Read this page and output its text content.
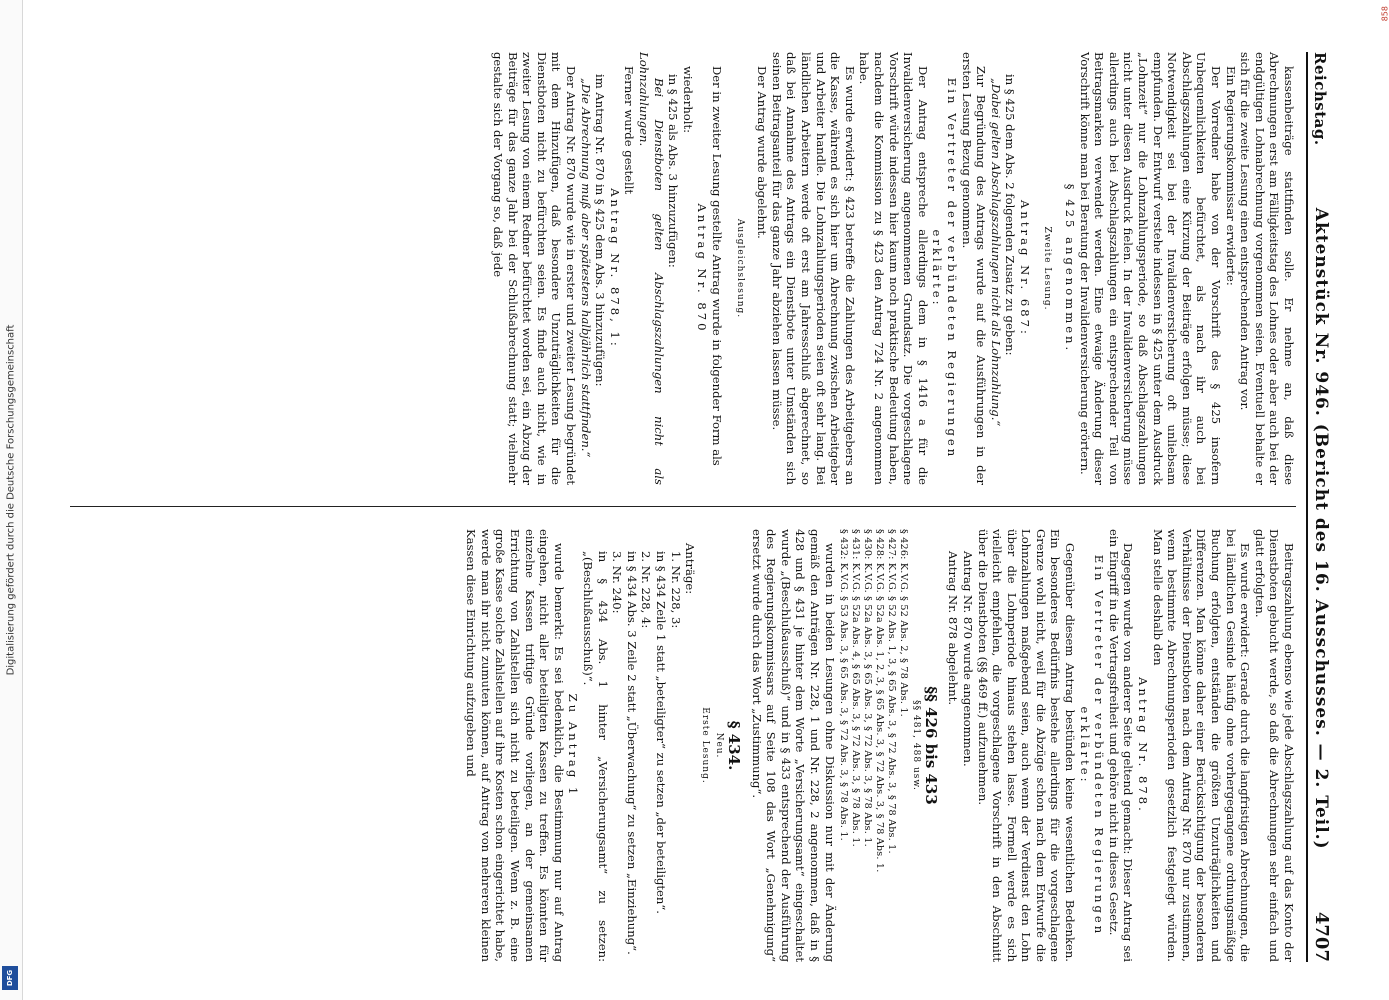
Digitalisierung gefördert durch die Deutsche Forschungsgemeinschaft
DFG
858
Reichstag.
Aktenstück Nr. 946. (Bericht des 16. Ausschusses. — 2. Teil.)
4707

kassenbeiträge stattfinden solle. Er nehme an, daß diese Abrechnungen erst am Fälligkeitstag des Lohnes oder aber auch bei der endgültigen Lohnabrechnung vorgenommen seien. Eventuell behalte er sich für die zweite Lesung einen entsprechenden Antrag vor.

Ein Regierungskommissar erwiderte:

Der Vorredner habe von der Vorschrift des § 425 insofern Unbequemlichkeiten befürchtet, als nach ihr auch bei Abschlagszahlungen eine Kürzung der Beiträge erfolgen müsse; diese Notwendigkeit sei bei der Invalidenversicherung oft unliebsam empfunden. Der Entwurf verstehe indessen in § 425 unter dem Ausdruck „Lohnzeit“ nur die Lohnzahlungsperiode, so daß Abschlagszahlungen nicht unter diesen Ausdruck fielen. In der Invalidenversicherung müsse allerdings auch bei Abschlagszahlungen ein entsprechender Teil von Beitragsmarken verwendet werden. Eine etwaige Änderung dieser Vorschrift könne man bei Beratung der Invalidenversicherung erörtern.

§ 425 angenommen.

Zweite Lesung.

Antrag Nr. 687:

in § 425 dem Abs. 2 folgenden Zusatz zu geben:

„Dabei gelten Abschlagszahlungen nicht als Lohnzahlung.“

Zur Begründung des Antrags wurde auf die Ausführungen in der ersten Lesung Bezug genommen.

Ein Vertreter der verbündeten Regierungen erklärte:

Der Antrag entspreche allerdings dem in § 1416 a für die Invalidenversicherung angenommenen Grundsatz. Die vorgeschlagene Vorschrift würde indessen hier kaum noch praktische Bedeutung haben, nachdem die Kommission zu § 423 den Antrag 724 Nr. 2 angenommen habe.

Es wurde erwidert: § 423 betreffe die Zahlungen des Arbeitgebers an die Kasse, während es sich hier um Abrechnung zwischen Arbeitgeber und Arbeiter handle. Die Lohnzahlungsperioden seien oft sehr lang. Bei ländlichen Arbeitern werde oft erst am Jahresschluß abgerechnet, so daß bei Annahme des Antrags ein Dienstbote unter Umständen sich seinen Beitragsanteil für das ganze Jahr abziehen lassen müsse.

Der Antrag wurde abgelehnt.

Ausgleichslesung.

Der in zweiter Lesung gestellte Antrag wurde in folgender Form als

Antrag Nr. 870

wiederholt:

in § 425 als Abs. 3 hinzuzufügen:

Bei Dienstboten gelten Abschlagszahlungen nicht als Lohnzahlungen.

Ferner wurde gestellt

Antrag Nr. 878, 1:

im Antrag Nr. 870 in § 425 dem Abs. 3 hinzuzufügen:

„Die Abrechnung muß aber spätestens halbjährlich stattfinden.“

Der Antrag Nr. 870 wurde wie in erster und zweiter Lesung begründet mit dem Hinzufügen, daß besondere Unzuträglichkeiten für die Dienstboten nicht zu befürchten seien. Es finde auch nicht, wie in zweiter Lesung von einem Redner befürchtet worden sei, ein Abzug der Beiträge für das ganze Jahr bei der Schlußabrechnung statt; vielmehr gestalte sich der Vorgang so, daß jede

Beitragszahlung ebenso wie jede Abschlagszahlung auf das Konto der Dienstboten gebucht werde, so daß die Abrechnungen sehr einfach und glatt erfolgten.

Es wurde erwidert: Gerade durch die langfristigen Abrechnungen, die bei ländlichen Gesinde häufig ohne vorhergegangene ordnungsmäßige Buchung erfolgten, entständen die größten Unzuträglichkeiten und Differenzen. Man könne daher einer Berücksichtigung der besonderen Verhältnisse der Dienstboten nach dem Antrag Nr. 870 nur zustimmen, wenn bestimmte Abrechnungsperioden gesetzlich festgelegt würden. Man stelle deshalb den

Antrag Nr. 878.

Dagegen wurde von anderer Seite geltend gemacht: Dieser Antrag sei ein Eingriff in die Vertragsfreiheit und gehöre nicht in dieses Gesetz.

Ein Vertreter der verbündeten Regierungen erklärte:

Gegenüber diesem Antrag bestünden keine wesentlichen Bedenken. Ein besonderes Bedürfnis bestehe allerdings für die vorgeschlagene Grenze wohl nicht, weil für die Abzüge schon nach dem Entwurfe die Lohnzahlungen maßgebend seien, auch wenn der Verdienst den Lohn über die Lohnperiode hinaus stehen lasse. Formell werde es sich vielleicht empfehlen, die vorgeschlagene Vorschrift in den Abschnitt über die Dienstboten (§§ 469 ff.) aufzunehmen.

Antrag Nr. 870 wurde angenommen.

Antrag Nr. 878 abgelehnt.

§§ 426 bis 433

§§ 481, 488 usw.

§ 426: K.V.G. § 52 Abs. 2, § 78 Abs. 1.

§ 427: K.V.G. § 52 Abs. 1, 3, § 65 Abs. 3, § 72 Abs. 3, § 78 Abs. 1.

§ 428: K.V.G. § 52a Abs. 1, 2, 3, § 65 Abs. 3, § 72 Abs. 3, § 78 Abs. 1.

§ 430: K.V.G. § 52a Abs. 3, § 65 Abs. 3, § 72 Abs. 3, § 78 Abs. 1.

§ 431: K.V.G. § 52a Abs. 4, § 65 Abs. 3, § 72 Abs. 3, § 78 Abs. 1.

§ 432: K.V.G. § 53 Abs. 3, § 65 Abs. 3, § 72 Abs. 3, § 78 Abs. 1.

wurden in beiden Lesungen ohne Diskussion nur mit der Änderung gemäß den Anträgen Nr. 228, 1 und Nr. 228, 2 angenommen, daß in § 428 und § 431 je hinter dem Worte „Versicherungsamt“ eingeschaltet wurde „(Beschlußausschuß)“ und in § 433 entsprechend der Ausführung des Regierungskommissars auf Seite 108 das Wort „Genehmigung“ ersetzt wurde durch das Wort „Zustimmung“.

§ 434.

Neu.

Erste Lesung.

Anträge:

1. Nr. 228, 3:

in § 434 Zeile 1 statt „beteiligter“ zu setzen „der beteiligten“.

2. Nr. 228, 4:

in § 434 Abs. 3 Zeile 2 statt „Überwachung“ zu setzen „Einziehung“.

3. Nr. 240:

in § 434 Abs. 1 hinter „Versicherungsamt“ zu setzen: „(Beschlußausschuß)“.

Zu Antrag 1

wurde bemerkt: Es sei bedenklich, die Bestimmung nur auf Antrag eingehen, nicht aller beteiligten Kassen zu treffen. Es könnten für einzelne Kassen triftige Gründe vorliegen, an der gemeinsamen Errichtung von Zahlstellen sich nicht zu beteiligen. Wenn z. B. eine große Kasse solche Zahlstellen auf ihre Kosten schon eingerichtet habe, werde man ihr nicht zumuten können, auf Antrag von mehreren kleinen Kassen diese Einrichtung aufzugeben und
